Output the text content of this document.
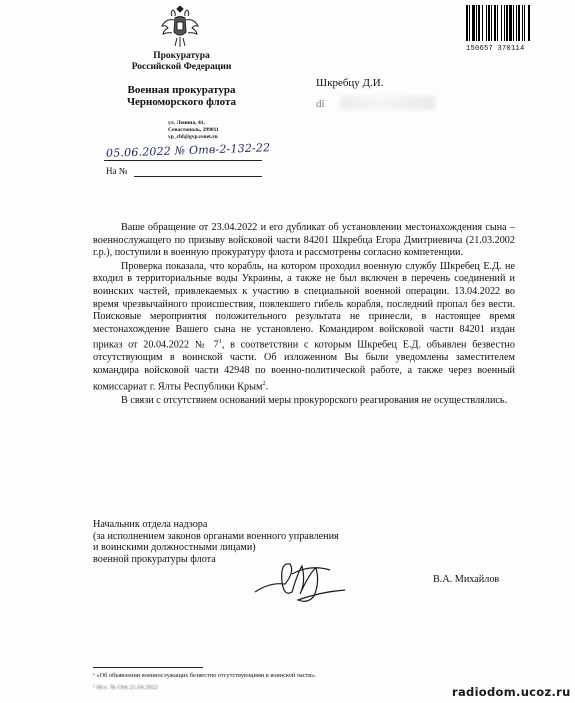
Прокуратура
Российской Федерации
Военная прокуратура
Черноморского флота
ул. Ленина, 41,
Севастополь, 299011
vp_cbf@gvp.rsnet.ru
05.06.2022 № Отв-2-132-22
На №
150657 370114
Шкребцу Д.И.
di

Ваше обращение от 23.04.2022 и его дубликат об установлении местонахождения сына – военнослужащего по призыву войсковой части 84201 Шкребца Егора Дмитриевича (21.03.2002 г.р.), поступили в военную прокуратуру флота и рассмотрены согласно компетенции.

Проверка показала, что корабль, на котором проходил военную службу Шкребец Е.Д. не входил в территориальные воды Украины, а также не был включен в перечень соединений и воинских частей, привлекаемых к участию в специальной военной операции. 13.04.2022 во время чрезвычайного происшествия, повлекшего гибель корабля, последний пропал без вести. Поисковые мероприятия положительного результата не принесли, в настоящее время местонахождение Вашего сына не установлено. Командиром войсковой части 84201 издан приказ от 20.04.2022 № $7^1$, в соответствии с которым Шкребец Е.Д. объявлен безвестно отсутствующим в воинской части. Об изложенном Вы были уведомлены заместителем командира войсковой части 42948 по военно-политической работе, а также через военный комиссариат г. Ялты Республики Крым$^2$.

В связи с отсутствием оснований меры прокурорского реагирования не осуществлялись.

Начальник отдела надзора
(за исполнением законов органами военного управления
и воинскими должностными лицами)
военной прокуратуры флота
В.А. Михайлов
¹ «Об объявлении военнослужащих безвестно отсутствующими в воинской части».
² Исх. № Отв 21.04.2022	radiodom.ucoz.ru
